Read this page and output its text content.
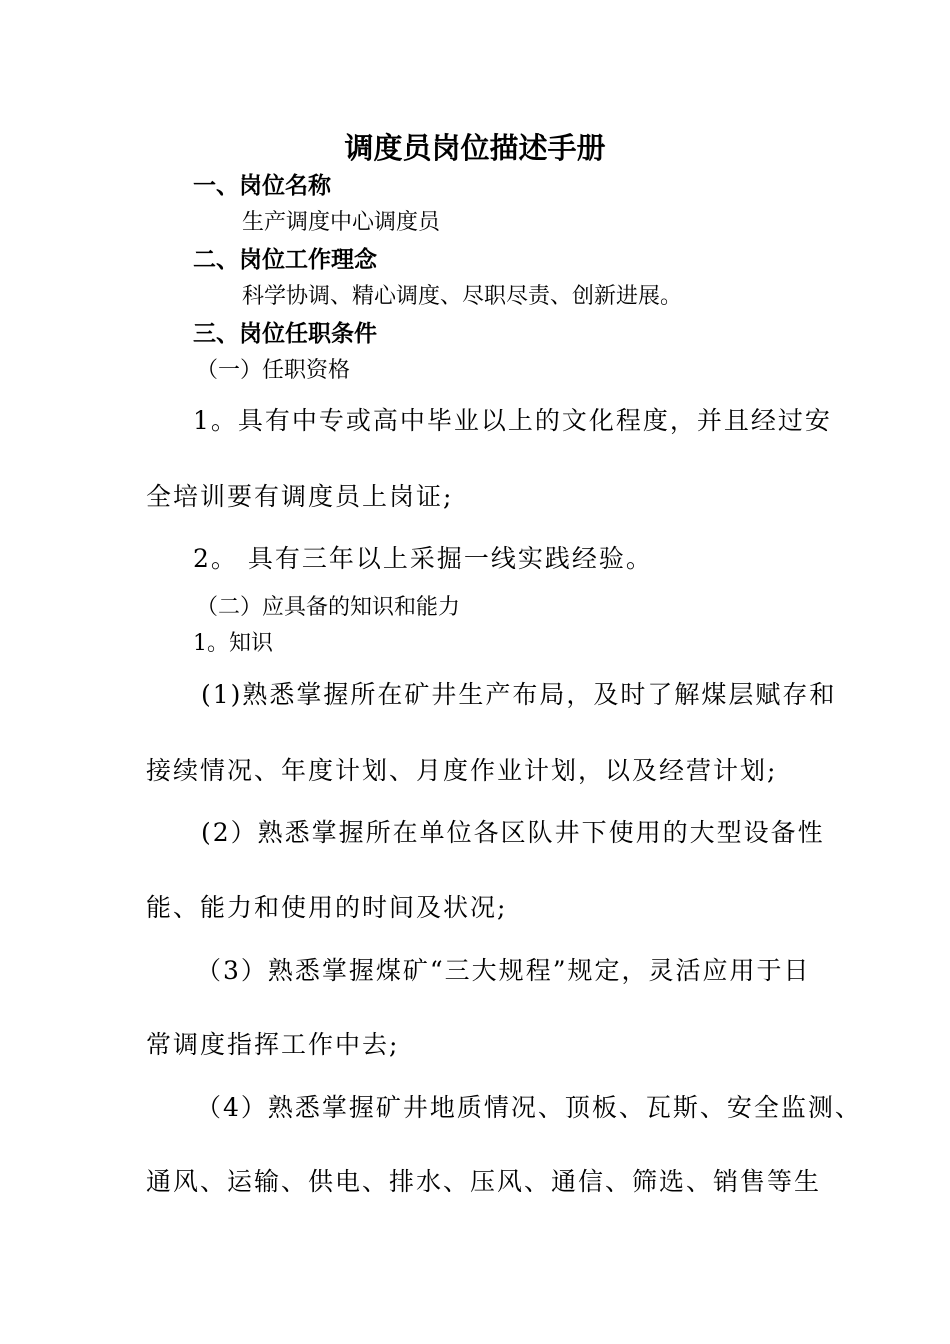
调度员岗位描述手册
一、岗位名称
生产调度中心调度员
二、岗位工作理念
科学协调、精心调度、尽职尽责、创新进展。
三、岗位任职条件
（一）任职资格
1。具有中专或高中毕业以上的文化程度，并且经过安
全培训要有调度员上岗证;
2。 具有三年以上采掘一线实践经验。
（二）应具备的知识和能力
1。知识
(1)熟悉掌握所在矿井生产布局，及时了解煤层赋存和
接续情况、年度计划、月度作业计划，以及经营计划;
(2）熟悉掌握所在单位各区队井下使用的大型设备性
能、能力和使用的时间及状况;
（3）熟悉掌握煤矿“三大规程”规定，灵活应用于日
常调度指挥工作中去;
（4）熟悉掌握矿井地质情况、顶板、瓦斯、安全监测、
通风、运输、供电、排水、压风、通信、筛选、销售等生
